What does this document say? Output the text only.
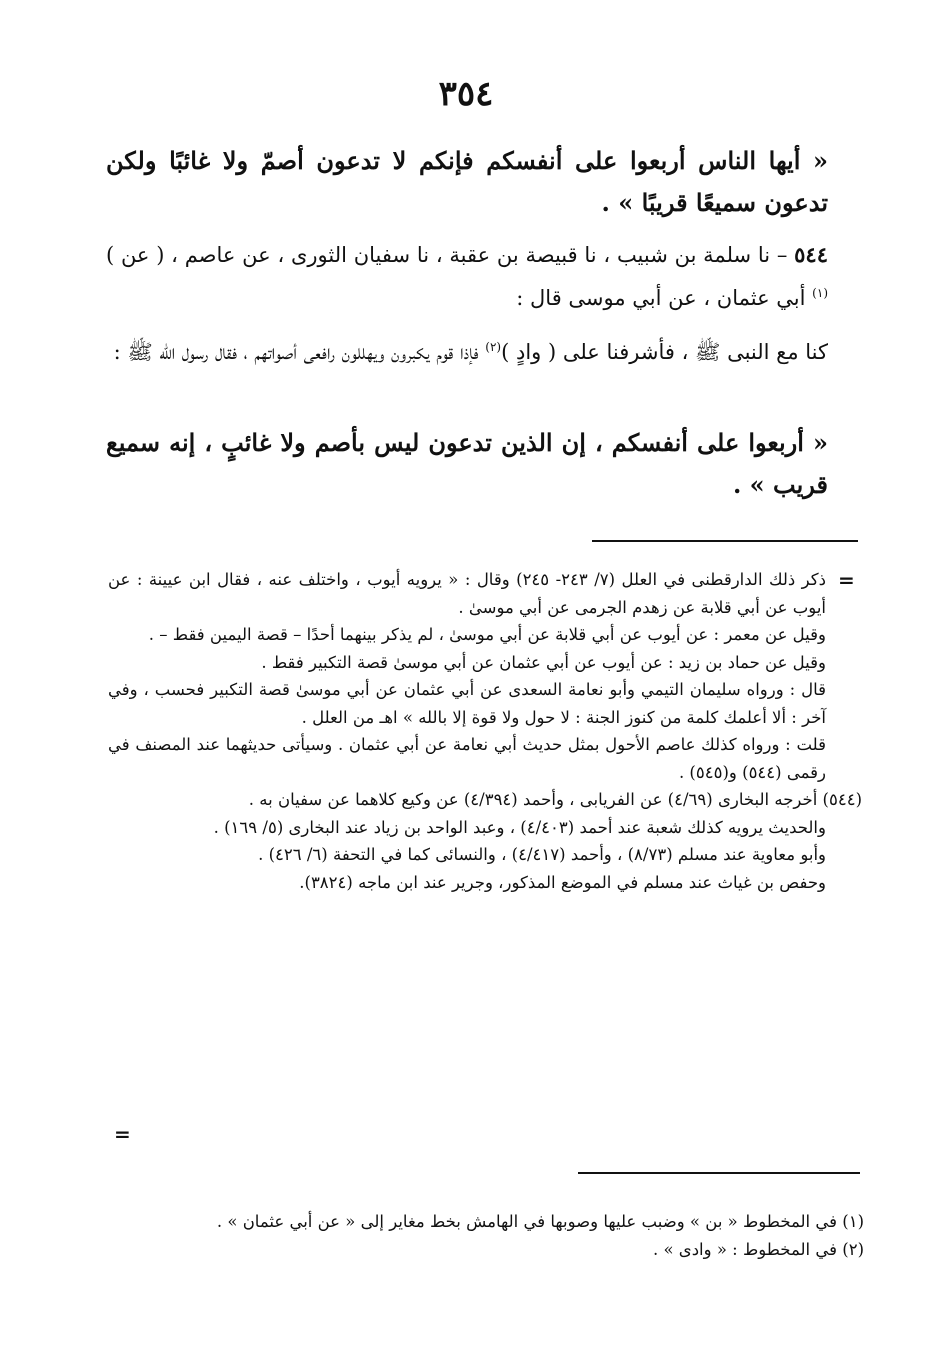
٣٥٤
« أيها الناس أربعوا على أنفسكم فإنكم لا تدعون أصمّ ولا غائبًا ولكن تدعون سميعًا قريبًا » .
٥٤٤ – نا سلمة بن شبيب ، نا قبيصة بن عقبة ، نا سفيان الثورى ، عن عاصم ، ( عن )$^{(١)}$ أبي عثمان ، عن أبي موسى قال :
كنا مع النبى ﷺ ، فأشرفنا على ( وادٍ )$^{(٢)}$ فإذا قوم يكبرون ويهللون رافعى أصواتهم ، فقال رسول الله ﷺ :
« أربعوا على أنفسكم ، إن الذين تدعون ليس بأصم ولا غائبٍ ، إنه سميع قريب » .
=
ذكر ذلك الدارقطنى في العلل (٧/ ٢٤٣- ٢٤٥) وقال : « يرويه أيوب ، واختلف عنه ، فقال ابن عيينة : عن أيوب عن أبي قلابة عن زهدم الجرمى عن أبي موسىٰ .
وقيل عن معمر : عن أيوب عن أبي قلابة عن أبي موسىٰ ، لم يذكر بينهما أحدًا – قصة اليمين فقط – .
وقيل عن حماد بن زيد : عن أيوب عن أبي عثمان عن أبي موسىٰ قصة التكبير فقط .
قال : ورواه سليمان التيمي وأبو نعامة السعدى عن أبي عثمان عن أبي موسىٰ قصة التكبير فحسب ، وفي آخر : ألا أعلمك كلمة من كنوز الجنة : لا حول ولا قوة إلا بالله » اهـ من العلل .
قلت : ورواه كذلك عاصم الأحول بمثل حديث أبي نعامة عن أبي عثمان . وسيأتى حديثهما عند المصنف في رقمى (٥٤٤) و(٥٤٥) .
(٥٤٤) أخرجه البخارى (٤/٦٩) عن الفريابى ، وأحمد (٤/٣٩٤) عن وكيع كلاهما عن سفيان به .
والحديث يرويه كذلك شعبة عند أحمد (٤/٤٠٣) ، وعبد الواحد بن زياد عند البخارى (٥/ ١٦٩) .
وأبو معاوية عند مسلم (٨/٧٣) ، وأحمد (٤/٤١٧) ، والنسائى كما في التحفة (٦/ ٤٢٦) .
وحفص بن غياث عند مسلم في الموضع المذكور، وجرير عند ابن ماجه (٣٨٢٤).
=
(١) في المخطوط « بن » وضبب عليها وصوبها في الهامش بخط مغاير إلى « عن أبي عثمان » .
(٢) في المخطوط : « وادى » .
